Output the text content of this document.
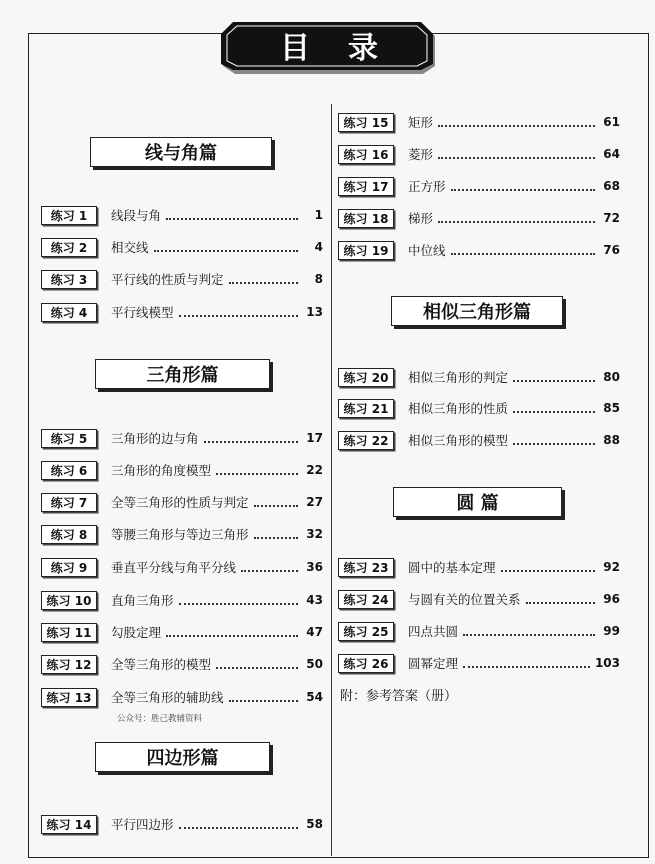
目录
线与角篇
三角形篇
四边形篇
相似三角形篇
圆 篇
练习 1	线段与角	1
练习 2	相交线	4
练习 3	平行线的性质与判定	8
练习 4	平行线模型	13
练习 5	三角形的边与角	17
练习 6	三角形的角度模型	22
练习 7	全等三角形的性质与判定	27
练习 8	等腰三角形与等边三角形	32
练习 9	垂直平分线与角平分线	36
练习 10	直角三角形	43
练习 11	勾股定理	47
练习 12	全等三角形的模型	50
练习 13	全等三角形的辅助线	54
练习 14	平行四边形	58
练习 15	矩形	61
练习 16	菱形	64
练习 17	正方形	68
练习 18	梯形	72
练习 19	中位线	76
练习 20	相似三角形的判定	80
练习 21	相似三角形的性质	85
练习 22	相似三角形的模型	88
练习 23	圆中的基本定理	92
练习 24	与圆有关的位置关系	96
练习 25	四点共圆	99
练习 26	圆幂定理	103
附：参考答案（册）
公众号：胜己教辅资料
